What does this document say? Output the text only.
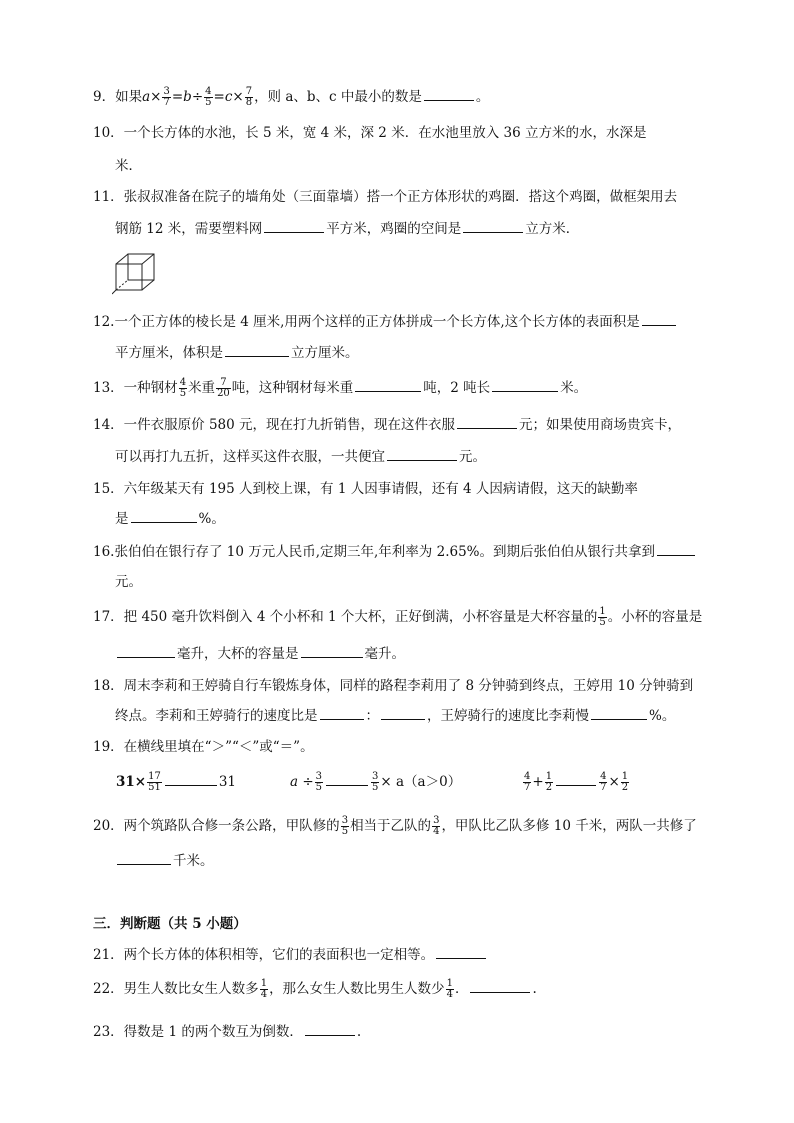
9．如果$a\times \frac{3}{7} =b\div \frac{4}{5} =c\times \frac{7}{8}$ ，则 a、b、c 中最小的数是	。
10．一个长方体的水池，长 5 米，宽 4 米，深 2 米．在水池里放入 36 立方米的水，水深是
米．
11．张叔叔准备在院子的墙角处（三面靠墙）搭一个正方体形状的鸡圈．搭这个鸡圈，做框架用去
钢筋 12 米，需要塑料网	平方米，鸡圈的空间是	立方米．
12.一个正方体的棱长是 4 厘米,用两个这样的正方体拼成一个长方体,这个长方体的表面积是
平方厘米，体积是	立方厘米。
13．一种钢材 $\frac{4}{5}$ 米重 $\frac{7}{20}$ 吨，这种钢材每米重	吨，2 吨长	米。
14．一件衣服原价 580 元，现在打九折销售，现在这件衣服	元；如果使用商场贵宾卡，
可以再打九五折，这样买这件衣服，一共便宜	元。
15．六年级某天有 195 人到校上课，有 1 人因事请假，还有 4 人因病请假，这天的缺勤率
是	%。
16.张伯伯在银行存了 10 万元人民币,定期三年,年利率为 2.65%。到期后张伯伯从银行共拿到
元。
17．把 450 毫升饮料倒入 4 个小杯和 1 个大杯，正好倒满，小杯容量是大杯容量的 $\frac{1}{5}$ 。小杯的容量是
毫升，大杯的容量是	毫升。
18．周末李莉和王婷骑自行车锻炼身体，同样的路程李莉用了 8 分钟骑到终点，王婷用 10 分钟骑到
终点。李莉和王婷骑行的速度比是	：	，王婷骑行的速度比李莉慢	%。
19．在横线里填在“＞”“＜”或“＝”。
$31\times \frac{17}{51}$	31	$a \div \frac{3}{5}$	$\frac{3}{5} \times a(a>0)$	$\frac{4}{7} + \frac{1}{2}$	$\frac{4}{7} \times \frac{1}{2}$
20．两个筑路队合修一条公路，甲队修的 $\frac{3}{5}$ 相当于乙队的 $\frac{3}{4}$ ，甲队比乙队多修 10 千米，两队一共修了
千米。
三．判断题（共 5 小题）
21．两个长方体的体积相等，它们的表面积也一定相等。
22．男生人数比女生人数多 $\frac{1}{4}$ ，那么女生人数比男生人数少 $\frac{1}{4}$ ．	.
23．得数是 1 的两个数互为倒数．	.
